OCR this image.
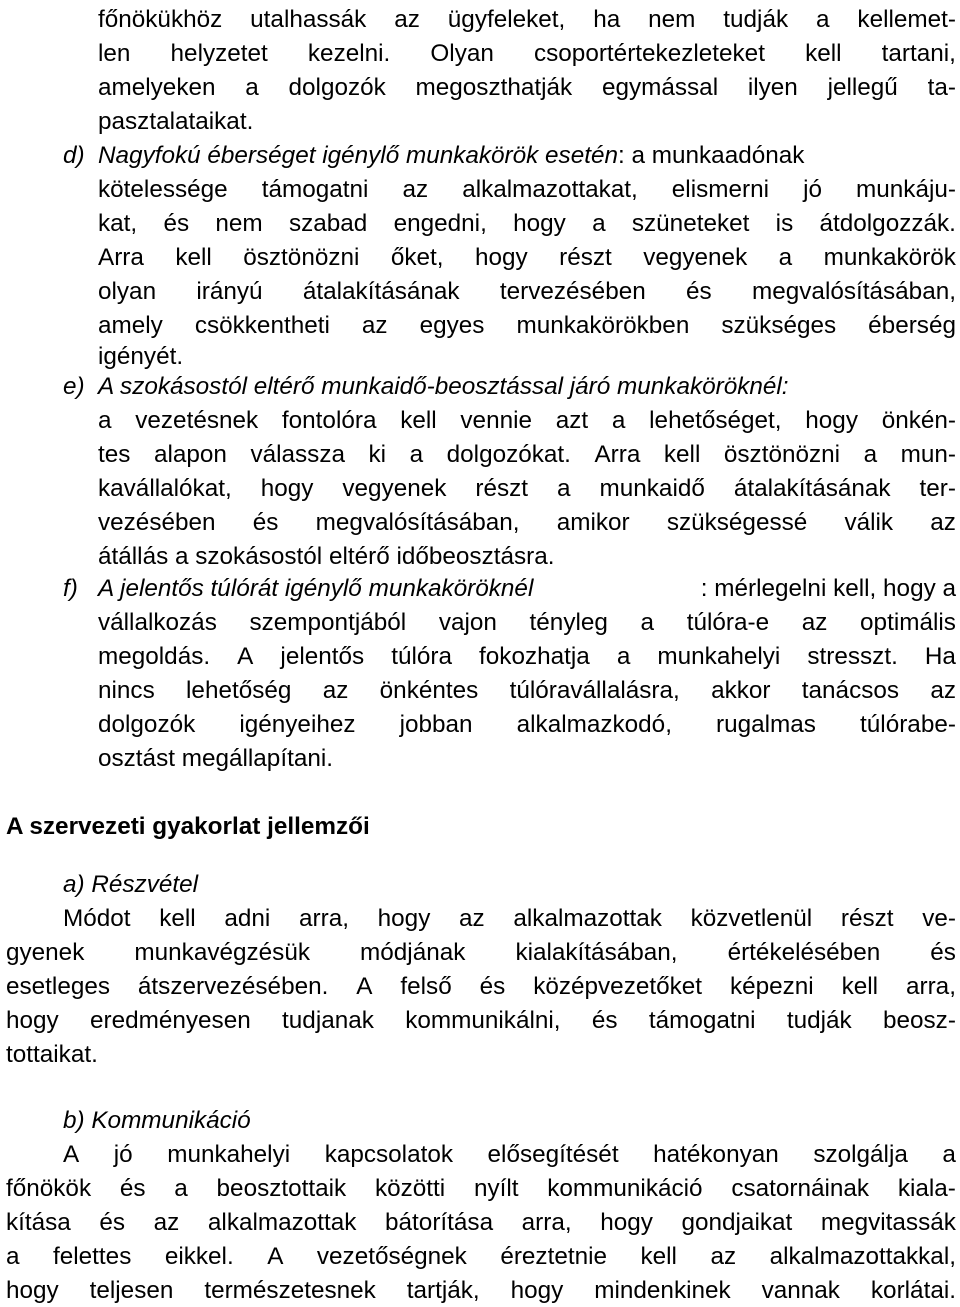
főnökükhöz utalhassák az ügyfeleket, ha nem tudják a kellemet-
len helyzetet kezelni. Olyan csoportértekezleteket kell tartani,
amelyeken a dolgozók megoszthatják egymással ilyen jellegű ta-
pasztalataikat.
d) Nagyfokú éberséget igénylő munkakörök esetén: a munkaadónak
kötelessége támogatni az alkalmazottakat, elismerni jó munkáju-
kat, és nem szabad engedni, hogy a szüneteket is átdolgozzák.
Arra kell ösztönözni őket, hogy részt vegyenek a munkakörök
olyan irányú átalakításának tervezésében és megvalósításában,
amely csökkentheti az egyes munkakörökben szükséges éberség
igényét.
e) A szokásostól eltérő munkaidő-beosztással járó munkaköröknél:
a vezetésnek fontolóra kell vennie azt a lehetőséget, hogy önkén-
tes alapon válassza ki a dolgozókat. Arra kell ösztönözni a mun-
kavállalókat, hogy vegyenek részt a munkaidő átalakításának ter-
vezésében és megvalósításában, amikor szükségessé válik az
átállás a szokásostól eltérő időbeosztásra.
f) A jelentős túlórát igénylő munkaköröknél	: mérlegelni kell, hogy a
vállalkozás szempontjából vajon tényleg a túlóra-e az optimális
megoldás. A jelentős túlóra fokozhatja a munkahelyi stresszt. Ha
nincs lehetőség az önkéntes túlóravállalásra, akkor tanácsos az
dolgozók igényeihez jobban alkalmazkodó, rugalmas túlórabe-
osztást megállapítani.
A szervezeti gyakorlat jellemzői
a) Részvétel
Módot kell adni arra, hogy az alkalmazottak közvetlenül részt ve-
gyenek munkavégzésük módjának kialakításában, értékelésében és
esetleges átszervezésében. A felső és középvezetőket képezni kell arra,
hogy eredményesen tudjanak kommunikálni, és támogatni tudják beosz-
tottaikat.
b) Kommunikáció
A jó munkahelyi kapcsolatok elősegítését hatékonyan szolgálja a
főnökök és a beosztottaik közötti nyílt kommunikáció csatornáinak kiala-
kítása és az alkalmazottak bátorítása arra, hogy gondjaikat megvitassák
a felettes eikkel. A vezetőségnek éreztetnie kell az alkalmazottakkal,
hogy teljesen természetesnek tartják, hogy mindenkinek vannak korlátai.
